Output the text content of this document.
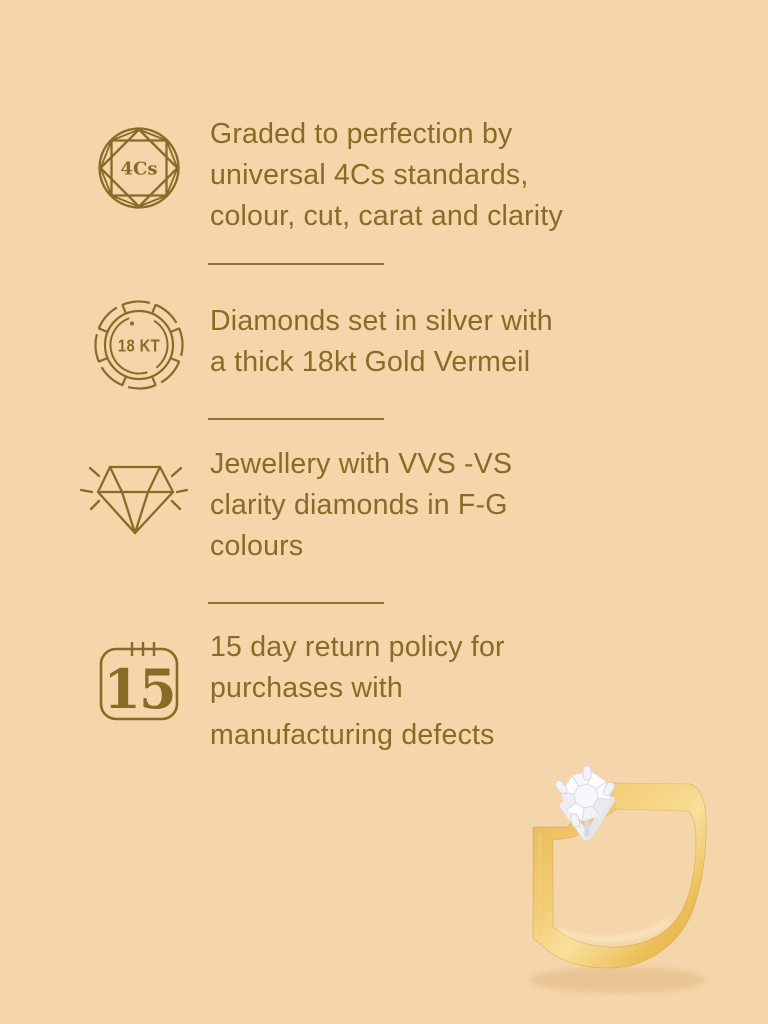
4Cs
Graded to perfection by
universal 4Cs standards,
colour, cut, carat and clarity
18 KT
Diamonds set in silver with
a thick 18kt Gold Vermeil
Jewellery with VVS -VS
clarity diamonds in F-G
colours
15
15 day return policy for
purchases with
manufacturing defects
